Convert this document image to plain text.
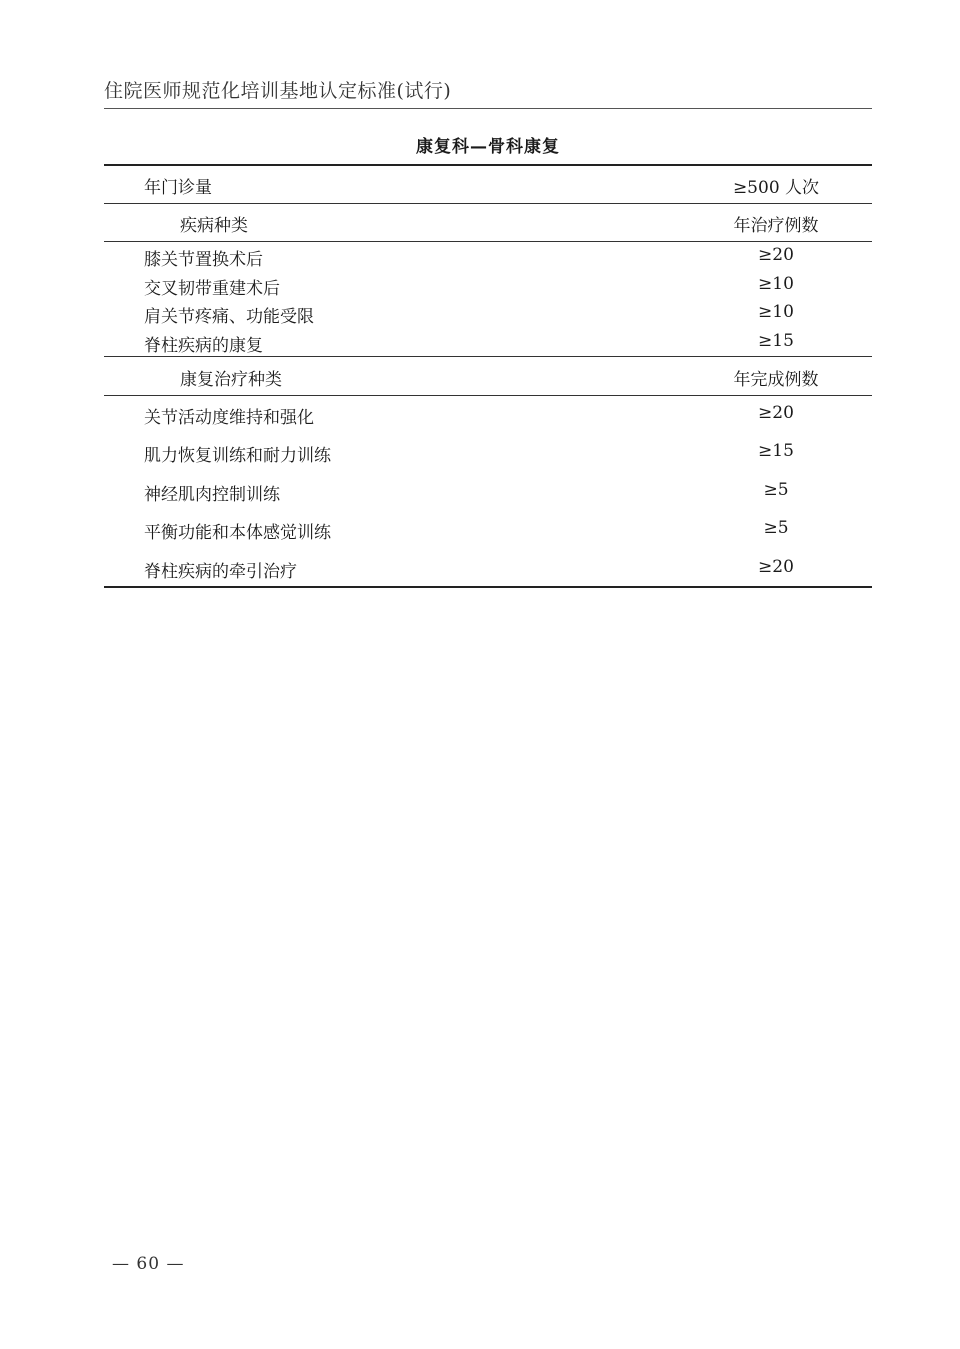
住院医师规范化培训基地认定标准(试行)
康复科—骨科康复
年门诊量	≥500 人次
疾病种类	年治疗例数
膝关节置换术后	≥20
交叉韧带重建术后	≥10
肩关节疼痛、功能受限	≥10
脊柱疾病的康复	≥15
康复治疗种类	年完成例数
关节活动度维持和强化	≥20
肌力恢复训练和耐力训练	≥15
神经肌肉控制训练	≥5
平衡功能和本体感觉训练	≥5
脊柱疾病的牵引治疗	≥20
— 60 —
